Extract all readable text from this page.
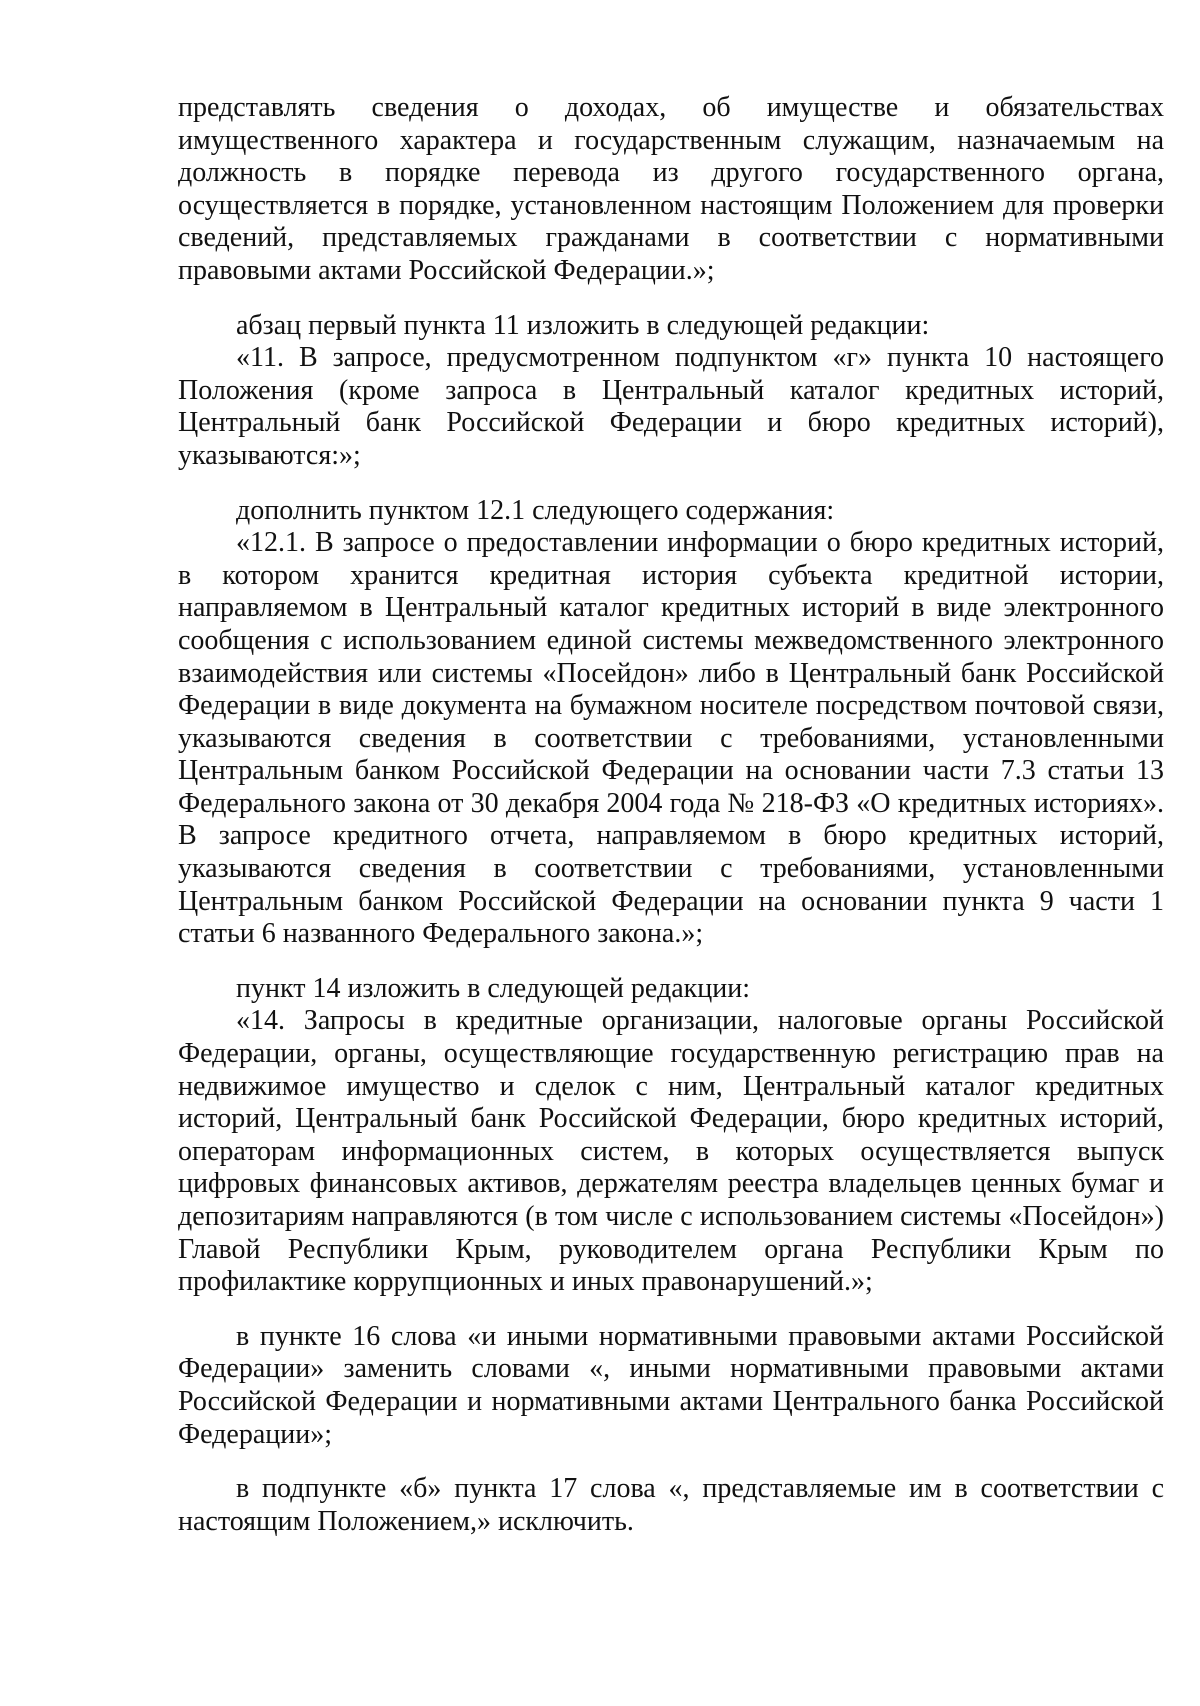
представлять сведения о доходах, об имуществе и обязательствах имущественного характера и государственным служащим, назначаемым на должность в порядке перевода из другого государственного органа, осуществляется в порядке, установленном настоящим Положением для проверки сведений, представляемых гражданами в соответствии с нормативными правовыми актами Российской Федерации.»;

абзац первый пункта 11 изложить в следующей редакции:

«11. В запросе, предусмотренном подпунктом «г» пункта 10 настоящего Положения (кроме запроса в Центральный каталог кредитных историй, Центральный банк Российской Федерации и бюро кредитных историй), указываются:»;

дополнить пунктом 12.1 следующего содержания:

«12.1. В запросе о предоставлении информации о бюро кредитных историй, в котором хранится кредитная история субъекта кредитной истории, направляемом в Центральный каталог кредитных историй в виде электронного сообщения с использованием единой системы межведомственного электронного взаимодействия или системы «Посейдон» либо в Центральный банк Российской Федерации в виде документа на бумажном носителе посредством почтовой связи, указываются сведения в соответствии с требованиями, установленными Центральным банком Российской Федерации на основании части 7.3 статьи 13 Федерального закона от 30 декабря 2004 года № 218-ФЗ «О кредитных историях». В запросе кредитного отчета, направляемом в бюро кредитных историй, указываются сведения в соответствии с требованиями, установленными Центральным банком Российской Федерации на основании пункта 9 части 1 статьи 6 названного Федерального закона.»;

пункт 14 изложить в следующей редакции:

«14. Запросы в кредитные организации, налоговые органы Российской Федерации, органы, осуществляющие государственную регистрацию прав на недвижимое имущество и сделок с ним, Центральный каталог кредитных историй, Центральный банк Российской Федерации, бюро кредитных историй, операторам информационных систем, в которых осуществляется выпуск цифровых финансовых активов, держателям реестра владельцев ценных бумаг и депозитариям направляются (в том числе с использованием системы «Посейдон») Главой Республики Крым, руководителем органа Республики Крым по профилактике коррупционных и иных правонарушений.»;

в пункте 16 слова «и иными нормативными правовыми актами Российской Федерации» заменить словами «, иными нормативными правовыми актами Российской Федерации и нормативными актами Центрального банка Российской Федерации»;

в подпункте «б» пункта 17 слова «, представляемые им в соответствии с настоящим Положением,» исключить.
